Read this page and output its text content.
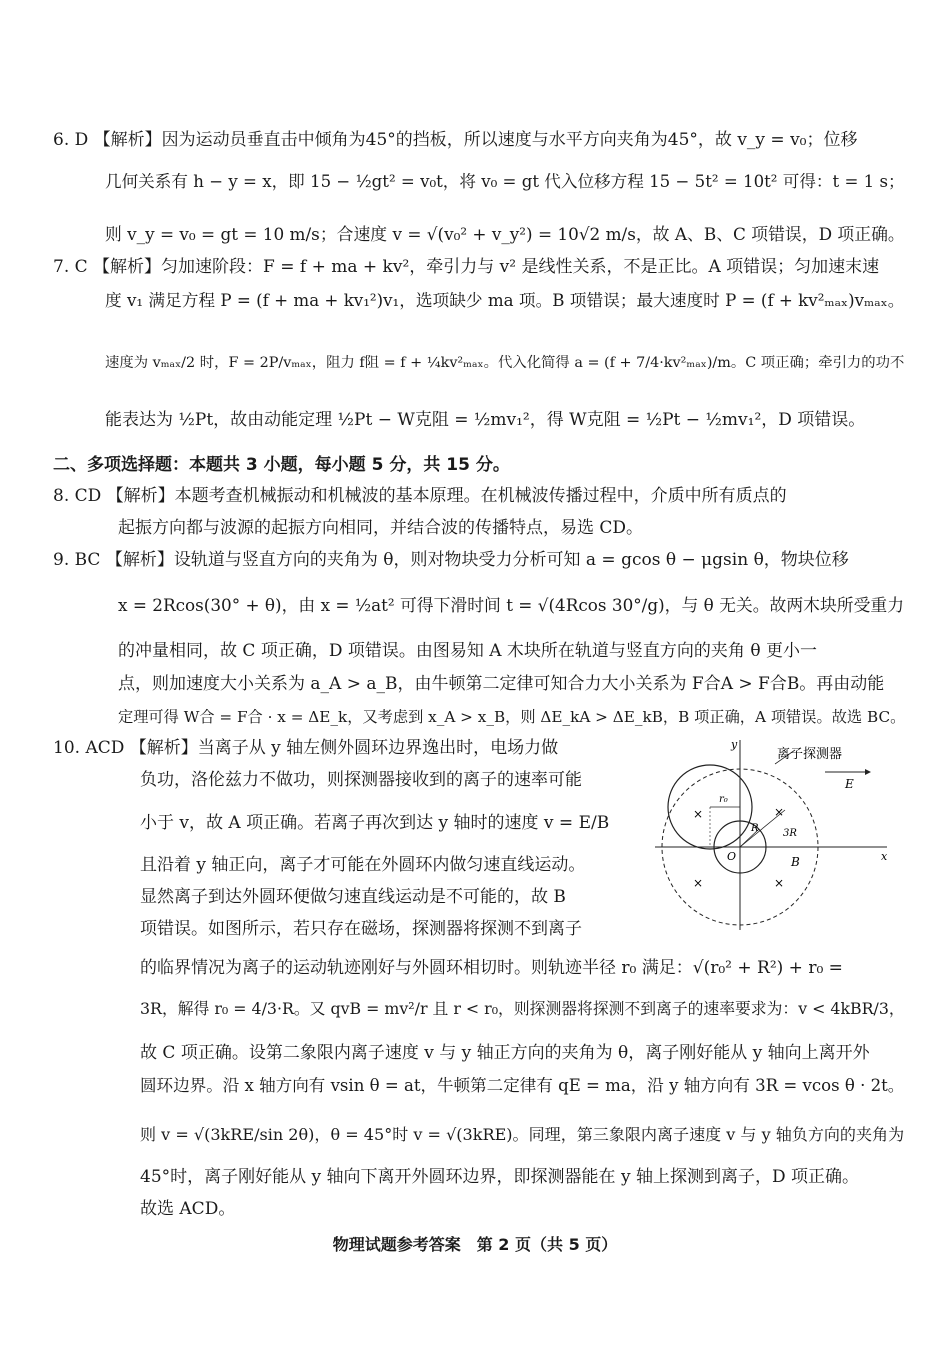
6. D 【解析】因为运动员垂直击中倾角为45°的挡板，所以速度与水平方向夹角为45°，故 v_y = v₀；位移
几何关系有 h − y = x，即 15 − ½gt² = v₀t，将 v₀ = gt 代入位移方程 15 − 5t² = 10t² 可得：t = 1 s；
则 v_y = v₀ = gt = 10 m/s；合速度 v = √(v₀² + v_y²) = 10√2 m/s，故 A、B、C 项错误，D 项正确。
7. C 【解析】匀加速阶段：F = f + ma + kv²，牵引力与 v² 是线性关系，不是正比。A 项错误；匀加速末速
度 v₁ 满足方程 P = (f + ma + kv₁²)v₁，选项缺少 ma 项。B 项错误；最大速度时 P = (f + kv²ₘₐₓ)vₘₐₓ。
速度为 vₘₐₓ/2 时，F = 2P/vₘₐₓ，阻力 f阻 = f + ¼kv²ₘₐₓ。代入化简得 a = (f + 7/4·kv²ₘₐₓ)/m。C 项正确；牵引力的功不
能表达为 ½Pt，故由动能定理 ½Pt − W克阻 = ½mv₁²，得 W克阻 = ½Pt − ½mv₁²，D 项错误。
二、多项选择题：本题共 3 小题，每小题 5 分，共 15 分。
8. CD 【解析】本题考查机械振动和机械波的基本原理。在机械波传播过程中，介质中所有质点的
起振方向都与波源的起振方向相同，并结合波的传播特点，易选 CD。
9. BC 【解析】设轨道与竖直方向的夹角为 θ，则对物块受力分析可知 a = gcos θ − μgsin θ，物块位移
x = 2Rcos(30° + θ)，由 x = ½at² 可得下滑时间 t = √(4Rcos 30°/g)，与 θ 无关。故两木块所受重力
的冲量相同，故 C 项正确，D 项错误。由图易知 A 木块所在轨道与竖直方向的夹角 θ 更小一
点，则加速度大小关系为 a_A > a_B，由牛顿第二定律可知合力大小关系为 F合A > F合B。再由动能
定理可得 W合 = F合 · x = ΔE_k，又考虑到 x_A > x_B，则 ΔE_kA > ΔE_kB，B 项正确，A 项错误。故选 BC。
10. ACD 【解析】当离子从 y 轴左侧外圆环边界逸出时，电场力做
负功，洛伦兹力不做功，则探测器接收到的离子的速率可能
小于 v，故 A 项正确。若离子再次到达 y 轴时的速度 v = E/B
且沿着 y 轴正向，离子才可能在外圆环内做匀速直线运动。
显然离子到达外圆环便做匀速直线运动是不可能的，故 B
项错误。如图所示，若只存在磁场，探测器将探测不到离子
的临界情况为离子的运动轨迹刚好与外圆环相切时。则轨迹半径 r₀ 满足：√(r₀² + R²) + r₀ =
3R，解得 r₀ = 4/3·R。又 qvB = mv²/r 且 r < r₀，则探测器将探测不到离子的速率要求为：v < 4kBR/3，
故 C 项正确。设第二象限内离子速度 v 与 y 轴正方向的夹角为 θ，离子刚好能从 y 轴向上离开外
圆环边界。沿 x 轴方向有 vsin θ = at，牛顿第二定律有 qE = ma，沿 y 轴方向有 3R = vcos θ · 2t。
则 v = √(3kRE/sin 2θ)，θ = 45°时 v = √(3kRE)。同理，第三象限内离子速度 v 与 y 轴负方向的夹角为
45°时，离子刚好能从 y 轴向下离开外圆环边界，即探测器能在 y 轴上探测到离子，D 项正确。
故选 ACD。
×	×
×	×
离子探测器
E
B	x
y
O
r₀
R 3R
物理试题参考答案　第 2 页（共 5 页）
